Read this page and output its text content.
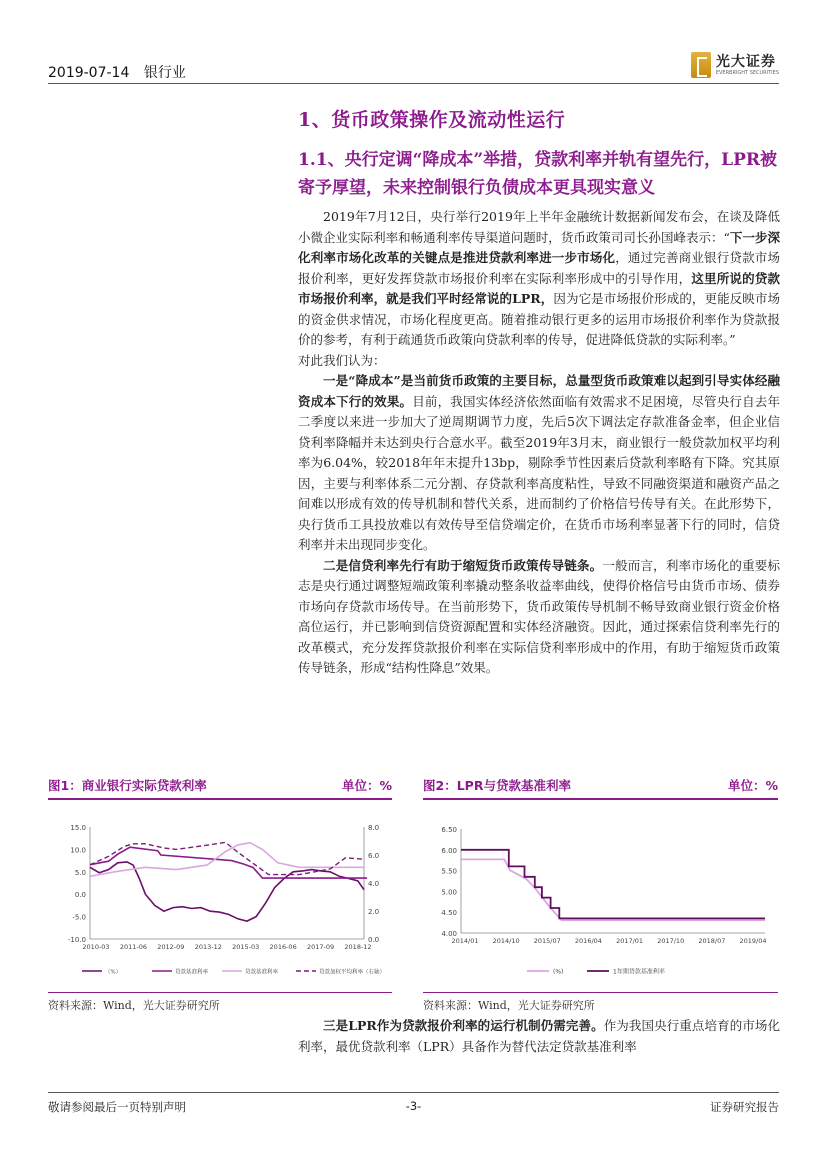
2019-07-14 银行业
光大证券
EVERBRIGHT SECURITIES
1、货币政策操作及流动性运行
1.1、央行定调“降成本”举措，贷款利率并轨有望先行，LPR被寄予厚望，未来控制银行负债成本更具现实意义

2019年7月12日，央行举行2019年上半年金融统计数据新闻发布会，在谈及降低小微企业实际利率和畅通利率传导渠道问题时，货币政策司司长孙国峰表示：“下一步深化利率市场化改革的关键点是推进贷款利率进一步市场化，通过完善商业银行贷款市场报价利率，更好发挥贷款市场报价利率在实际利率形成中的引导作用，这里所说的贷款市场报价利率，就是我们平时经常说的LPR，因为它是市场报价形成的，更能反映市场的资金供求情况，市场化程度更高。随着推动银行更多的运用市场报价利率作为贷款报价的参考，有利于疏通货币政策向贷款利率的传导，促进降低贷款的实际利率。”

对此我们认为：

一是“降成本”是当前货币政策的主要目标，总量型货币政策难以起到引导实体经融资成本下行的效果。目前，我国实体经济依然面临有效需求不足困境，尽管央行自去年二季度以来进一步加大了逆周期调节力度，先后5次下调法定存款准备金率，但企业信贷利率降幅并未达到央行合意水平。截至2019年3月末，商业银行一般贷款加权平均利率为6.04%，较2018年年末提升13bp，剔除季节性因素后贷款利率略有下降。究其原因，主要与利率体系二元分割、存贷款利率高度粘性，导致不同融资渠道和融资产品之间难以形成有效的传导机制和替代关系，进而制约了价格信号传导有关。在此形势下，央行货币工具投放难以有效传导至信贷端定价，在货币市场利率显著下行的同时，信贷利率并未出现同步变化。

二是信贷利率先行有助于缩短货币政策传导链条。一般而言，利率市场化的重要标志是央行通过调整短端政策利率撬动整条收益率曲线，使得价格信号由货币市场、债券市场向存贷款市场传导。在当前形势下，货币政策传导机制不畅导致商业银行资金价格高位运行，并已影响到信贷资源配置和实体经济融资。因此，通过探索信贷利率先行的改革模式，充分发挥贷款报价利率在实际信贷利率形成中的作用，有助于缩短货币政策传导链条，形成“结构性降息”效果。

图1：商业银行实际贷款利率	单位：% 图2：LPR与贷款基准利率	单位：%
15.0
10.0
5.0
0.0
-5.0
-10.0
8.0
6.0
4.0
2.0
0.0
2010-03 2011-06 2012-09 2013-12 2015-03 2016-06 2017-09 2018-12
（%）	贷款基准利率	贷款基准利率	贷款加权平均利率（右轴）
6.50
6.00
5.50
5.00
4.50
4.00
2014/01 2014/10 2015/07 2016/04 2017/01 2017/10 2018/07 2019/04
(%)	1年期贷款基准利率
资料来源：Wind，光大证券研究所	资料来源：Wind，光大证券研究所

三是LPR作为贷款报价利率的运行机制仍需完善。作为我国央行重点培育的市场化利率，最优贷款利率（LPR）具备作为替代法定贷款基准利率

敬请参阅最后一页特别声明	-3-	证券研究报告
